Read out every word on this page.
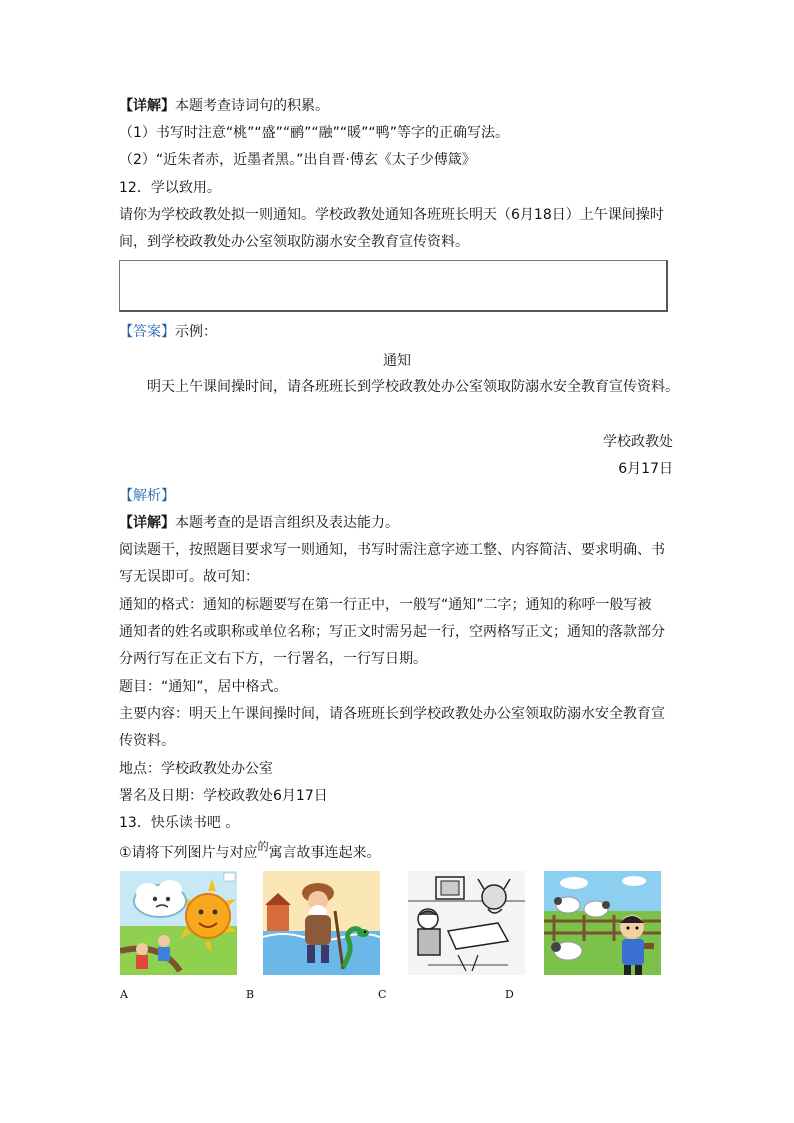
【详解】本题考查诗词句的积累。
（1）书写时注意“桃”“盛”“鹂”“融”“暖”“鸭”等字的正确写法。
（2）“近朱者赤，近墨者黑。”出自晋·傅玄《太子少傅箴》
12．学以致用。
请你为学校政教处拟一则通知。学校政教处通知各班班长明天（6月18日）上午课间操时
间，到学校政教处办公室领取防溺水安全教育宣传资料。
【答案】示例：
通知
明天上午课间操时间，请各班班长到学校政教处办公室领取防溺水安全教育宣传资料。
学校政教处
6月17日
【解析】
【详解】本题考查的是语言组织及表达能力。
阅读题干，按照题目要求写一则通知，书写时需注意字迹工整、内容简洁、要求明确、书
写无误即可。故可知：
通知的格式：通知的标题要写在第一行正中，一般写“通知”二字；通知的称呼一般写被
通知者的姓名或职称或单位名称；写正文时需另起一行，空两格写正文；通知的落款部分
分两行写在正文右下方，一行署名，一行写日期。
题目：“通知”，居中格式。
主要内容：明天上午课间操时间，请各班班长到学校政教处办公室领取防溺水安全教育宣
传资料。
地点：学校政教处办公室
署名及日期：学校政教处6月17日
13．快乐读书吧 。
①请将下列图片与对应$^的$寓言故事连起来。
A	B	C	D
